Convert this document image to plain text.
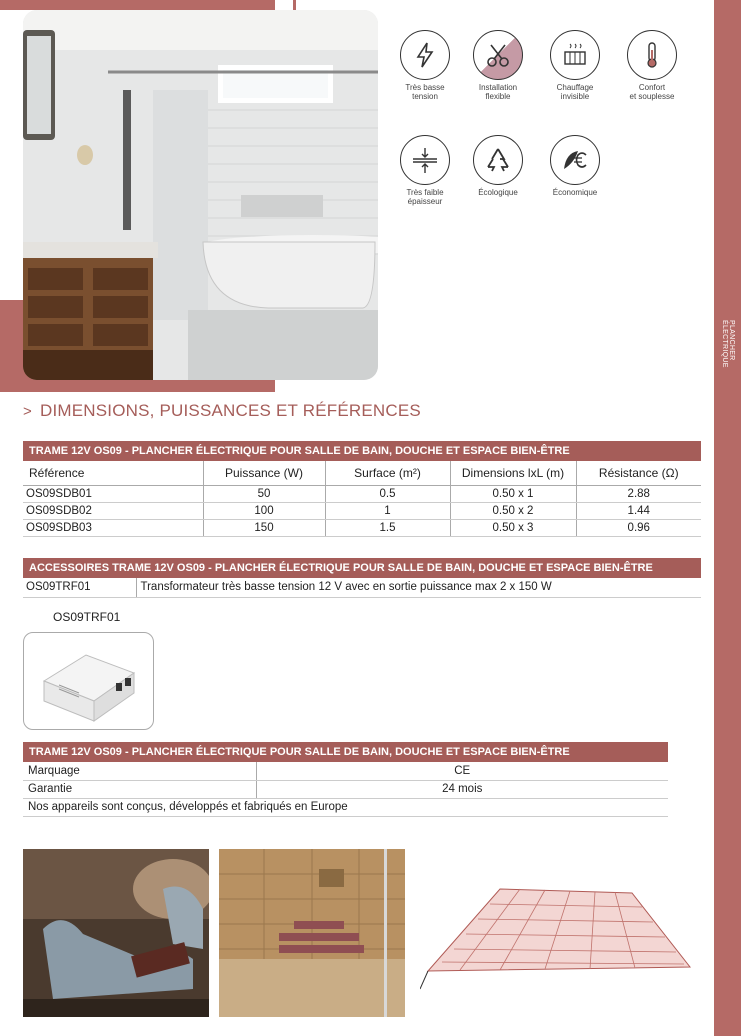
PLANCHER
ÉLECTRIQUE
Très basse
tension
Installation
flexible
Chauffage
invisible
Confort
et souplesse
Très faible
épaisseur
Écologique	Économique
> DIMENSIONS, PUISSANCES ET RÉFÉRENCES
TRAME 12V OS09 - PLANCHER ÉLECTRIQUE POUR SALLE DE BAIN, DOUCHE ET ESPACE BIEN-ÊTRE				
Référence	Puissance (W)	Surface (m²)	Dimensions lxL (m)	Résistance (Ω)
OS09SDB01	50	0.5	0.50 x 1	2.88
OS09SDB02	100	1	0.50 x 2	1.44
OS09SDB03	150	1.5	0.50 x 3	0.96
ACCESSOIRES TRAME 12V OS09 - PLANCHER ÉLECTRIQUE POUR SALLE DE BAIN, DOUCHE ET ESPACE BIEN-ÊTRE
OS09TRF01	Transformateur très basse tension 12 V avec en sortie puissance max 2 x 150 W
OS09TRF01
TRAME 12V OS09 - PLANCHER ÉLECTRIQUE POUR SALLE DE BAIN, DOUCHE ET ESPACE BIEN-ÊTRE	
Marquage	CE
Garantie	24 mois
Nos appareils sont conçus, développés et fabriqués en Europe	
